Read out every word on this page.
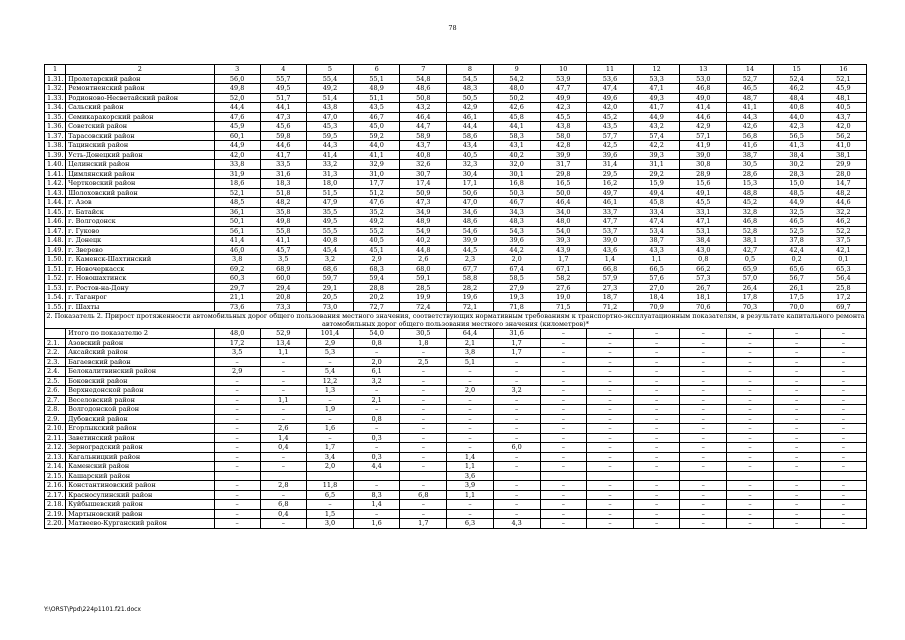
78
1	2	3	4	5	6	7	8	9	10	11	12	13	14	15	16
1.31.	Пролетарский район	56,0	55,7	55,4	55,1	54,8	54,5	54,2	53,9	53,6	53,3	53,0	52,7	52,4	52,1
1.32.	Ремонтненский район	49,8	49,5	49,2	48,9	48,6	48,3	48,0	47,7	47,4	47,1	46,8	46,5	46,2	45,9
1.33.	Родионово-Несветайский район	52,0	51,7	51,4	51,1	50,8	50,5	50,2	49,9	49,6	49,3	49,0	48,7	48,4	48,1
1.34.	Сальский район	44,4	44,1	43,8	43,5	43,2	42,9	42,6	42,3	42,0	41,7	41,4	41,1	40,8	40,5
1.35.	Семикаракорский район	47,6	47,3	47,0	46,7	46,4	46,1	45,8	45,5	45,2	44,9	44,6	44,3	44,0	43,7
1.36.	Советский район	45,9	45,6	45,3	45,0	44,7	44,4	44,1	43,8	43,5	43,2	42,9	42,6	42,3	42,0
1.37.	Тарасовский район	60,1	59,8	59,5	59,2	58,9	58,6	58,3	58,0	57,7	57,4	57,1	56,8	56,5	56,2
1.38.	Тацинский район	44,9	44,6	44,3	44,0	43,7	43,4	43,1	42,8	42,5	42,2	41,9	41,6	41,3	41,0
1.39.	Усть-Донецкий район	42,0	41,7	41,4	41,1	40,8	40,5	40,2	39,9	39,6	39,3	39,0	38,7	38,4	38,1
1.40.	Целинский район	33,8	33,5	33,2	32,9	32,6	32,3	32,0	31,7	31,4	31,1	30,8	30,5	30,2	29,9
1.41.	Цимлянский район	31,9	31,6	31,3	31,0	30,7	30,4	30,1	29,8	29,5	29,2	28,9	28,6	28,3	28,0
1.42.	Чертковский район	18,6	18,3	18,0	17,7	17,4	17,1	16,8	16,5	16,2	15,9	15,6	15,3	15,0	14,7
1.43.	Шолоховский район	52,1	51,8	51,5	51,2	50,9	50,6	50,3	50,0	49,7	49,4	49,1	48,8	48,5	48,2
1.44.	г. Азов	48,5	48,2	47,9	47,6	47,3	47,0	46,7	46,4	46,1	45,8	45,5	45,2	44,9	44,6
1.45.	г. Батайск	36,1	35,8	35,5	35,2	34,9	34,6	34,3	34,0	33,7	33,4	33,1	32,8	32,5	32,2
1.46.	г. Волгодонск	50,1	49,8	49,5	49,2	48,9	48,6	48,3	48,0	47,7	47,4	47,1	46,8	46,5	46,2
1.47.	г. Гуково	56,1	55,8	55,5	55,2	54,9	54,6	54,3	54,0	53,7	53,4	53,1	52,8	52,5	52,2
1.48.	г. Донецк	41,4	41,1	40,8	40,5	40,2	39,9	39,6	39,3	39,0	38,7	38,4	38,1	37,8	37,5
1.49.	г. Зверево	46,0	45,7	45,4	45,1	44,8	44,5	44,2	43,9	43,6	43,3	43,0	42,7	42,4	42,1
1.50.	г. Каменск-Шахтинский	3,8	3,5	3,2	2,9	2,6	2,3	2,0	1,7	1,4	1,1	0,8	0,5	0,2	0,1
1.51.	г. Новочеркасск	69,2	68,9	68,6	68,3	68,0	67,7	67,4	67,1	66,8	66,5	66,2	65,9	65,6	65,3
1.52.	г. Новошахтинск	60,3	60,0	59,7	59,4	59,1	58,8	58,5	58,2	57,9	57,6	57,3	57,0	56,7	56,4
1.53.	г. Ростов-на-Дону	29,7	29,4	29,1	28,8	28,5	28,2	27,9	27,6	27,3	27,0	26,7	26,4	26,1	25,8
1.54.	г. Таганрог	21,1	20,8	20,5	20,2	19,9	19,6	19,3	19,0	18,7	18,4	18,1	17,8	17,5	17,2
1.55.	г. Шахты	73,6	73,3	73,0	72,7	72,4	72,1	71,8	71,5	71,2	70,9	70,6	70,3	70,0	69,7
2. Показатель 2. Прирост протяженности автомобильных дорог общего пользования местного значения, соответствующих нормативным требованиям к транспортно-эксплуатационным показателям, в результате капитального ремонта автомобильных дорог общего пользования местного значения (километров)*															
	Итого по показателю 2	48,0	52,9	101,4	54,0	30,5	64,4	31,6	–	–	–	–	–	–	–
2.1.	Азовский район	17,2	13,4	2,9	0,8	1,8	2,1	1,7	–	–	–	–	–	–	–
2.2.	Аксайский район	3,5	1,1	5,3	–	–	3,8	1,7	–	–	–	–	–	–	–
2.3.	Багаевский район	–	–	–	2,0	2,5	5,1	–	–	–	–	–	–	–	–
2.4.	Белокалитвинский район	2,9	–	5,4	6,1	–	–	–	–	–	–	–	–	–	–
2.5.	Боковский район	–	–	12,2	3,2	–	–	–	–	–	–	–	–	–	–
2.6.	Верхнедонской район	–	–	1,3	–	–	2,0	3,2	–	–	–	–	–	–	–
2.7.	Веселовский район	–	1,1	–	2,1	–	–	–	–	–	–	–	–	–	–
2.8.	Волгодонской район	–	–	1,9	–	–	–	–	–	–	–	–	–	–	–
2.9.	Дубовский район	–	–	–	0,8	–	–	–	–	–	–	–	–	–	–
2.10.	Егорлыкский район	–	2,6	1,6	–	–	–	–	–	–	–	–	–	–	–
2.11.	Заветинский район	–	1,4	–	0,3	–	–	–	–	–	–	–	–	–	–
2.12.	Зерноградский район	–	0,4	1,7	–	–	–	6,0	–	–	–	–	–	–	–
2.13.	Кагальницкий район	–	–	3,4	0,3	–	1,4	–	–	–	–	–	–	–	–
2.14.	Каменский район	–	–	2,0	4,4	–	1,1	–	–	–	–	–	–	–	–
2.15.	Кашарский район						3,6								
2.16.	Константиновский район	–	2,8	11,8	–	–	3,9	–	–	–	–	–	–	–	–
2.17.	Красносулинский район	–	–	6,5	8,3	6,8	1,1	–	–	–	–	–	–	–	–
2.18.	Куйбышевский район	–	6,8	–	1,4	–	–	–	–	–	–	–	–	–	–
2.19.	Мартыновский район	–	0,4	1,5	–	–	–	–	–	–	–	–	–	–	–
2.20.	Матвеево-Курганский район	–	–	3,0	1,6	1,7	6,3	4,3	–	–	–	–	–	–	–
Y:\ORST\Ppd\224p1101.f21.docx
